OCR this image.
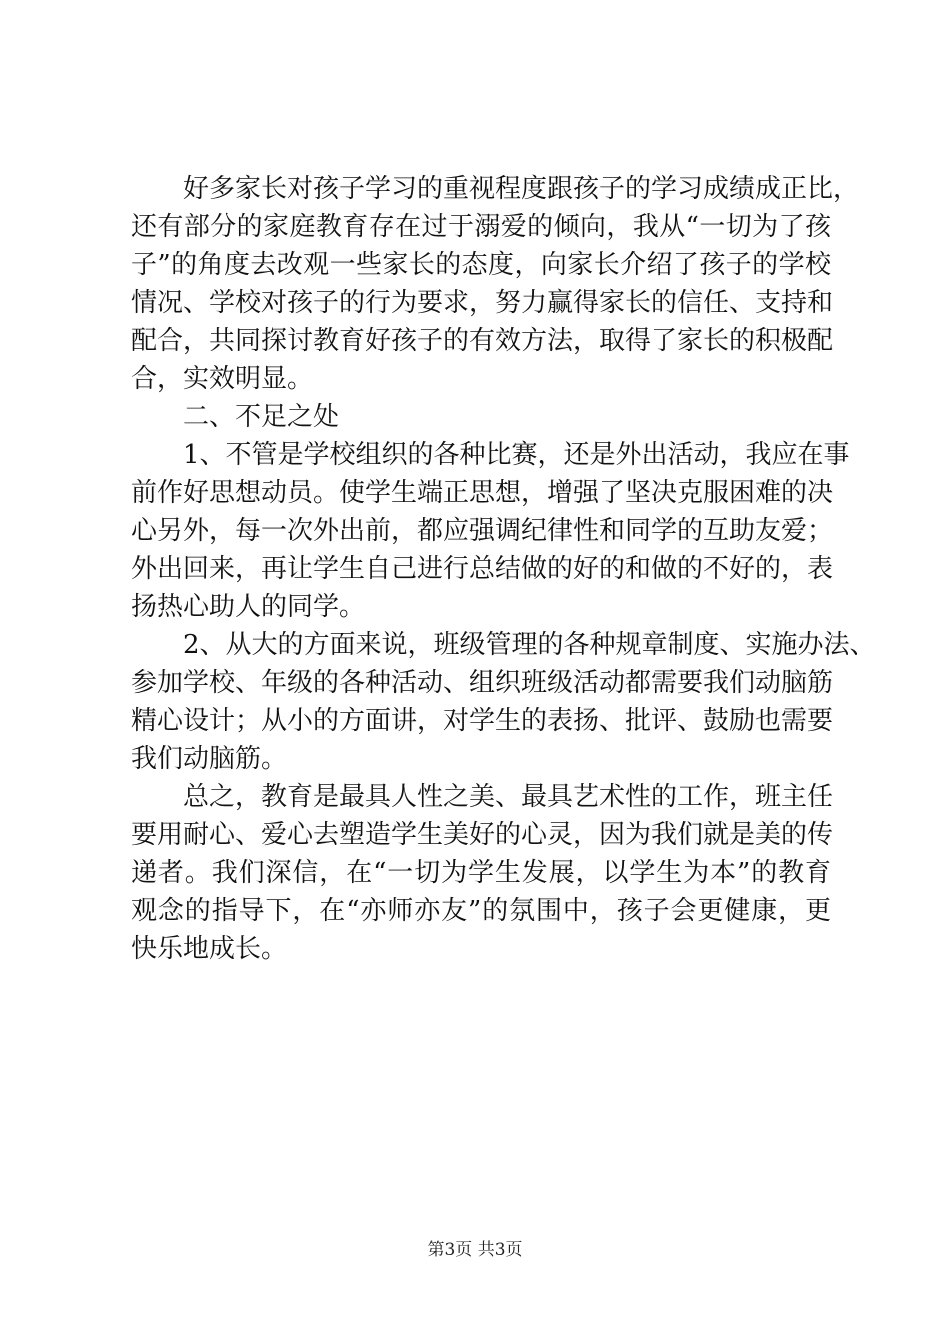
好多家长对孩子学习的重视程度跟孩子的学习成绩成正比，
还有部分的家庭教育存在过于溺爱的倾向，我从“一切为了孩
子”的角度去改观一些家长的态度，向家长介绍了孩子的学校
情况、学校对孩子的行为要求，努力赢得家长的信任、支持和
配合，共同探讨教育好孩子的有效方法，取得了家长的积极配
合，实效明显。
二、不足之处
1、不管是学校组织的各种比赛，还是外出活动，我应在事
前作好思想动员。使学生端正思想，增强了坚决克服困难的决
心另外，每一次外出前，都应强调纪律性和同学的互助友爱；
外出回来，再让学生自己进行总结做的好的和做的不好的，表
扬热心助人的同学。
2、从大的方面来说，班级管理的各种规章制度、实施办法、
参加学校、年级的各种活动、组织班级活动都需要我们动脑筋
精心设计；从小的方面讲，对学生的表扬、批评、鼓励也需要
我们动脑筋。
总之，教育是最具人性之美、最具艺术性的工作，班主任
要用耐心、爱心去塑造学生美好的心灵，因为我们就是美的传
递者。我们深信，在“一切为学生发展，以学生为本”的教育
观念的指导下，在“亦师亦友”的氛围中，孩子会更健康，更
快乐地成长。
第3页 共3页
